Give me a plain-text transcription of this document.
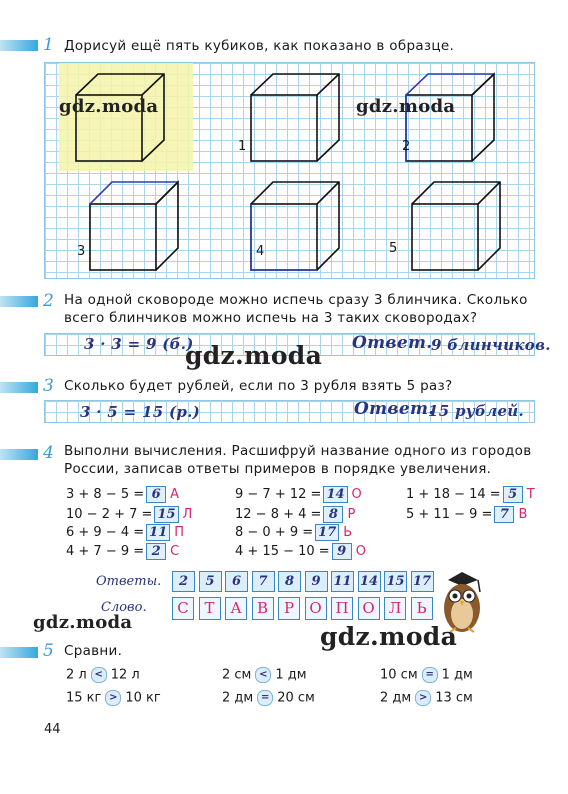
1 Дорисуй ещё пять кубиков, как показано в образце.
1	2
3	4	5
gdz.moda	gdz.moda
2 На одной сковороде можно испечь сразу 3 блинчика. Сколько
всего блинчиков можно испечь на 3 таких сковородах?
3 · 3 = 9 (б.)	Ответ.
9 блинчиков.
gdz.moda
3 Сколько будет рублей, если по 3 рубля взять 5 раз?
3 · 5 = 15 (р.)	Ответ.
15 рублей.
4 Выполни вычисления. Расшифруй название одного из городов
России, записав ответы примеров в порядке увеличения.
3 + 8 − 5 = 6 А
10 − 2 + 7 = 15 Л
6 + 9 − 4 = 11 П
4 + 7 − 9 = 2 С
9 − 7 + 12 = 14 О
12 − 8 + 4 = 8 Р
8 − 0 + 9 = 17 Ь
4 + 15 − 10 = 9 О
1 + 18 − 14 = 5 Т
5 + 11 − 9 = 7 В
Ответы.	2	5	6	7	8	9 11 14 15 17
Слово.	С	Т	А	В	Р	О П О Л	Ь
gdz.moda	gdz.moda
5 Сравни.
2 л < 12 л	2 см < 1 дм	10 см = 1 дм
15 кг > 10 кг	2 дм = 20 см	2 дм > 13 см
44
